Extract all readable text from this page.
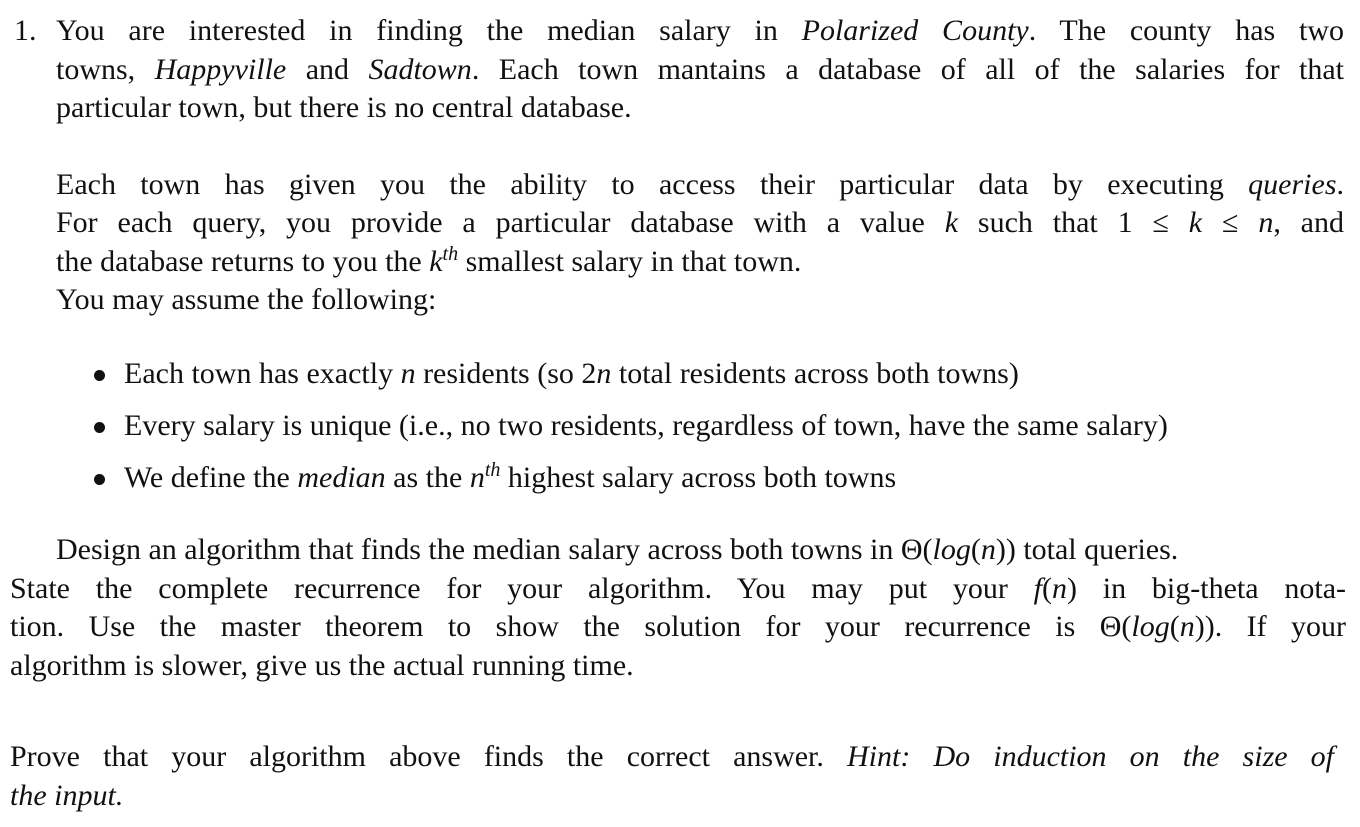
1. You are interested in finding the median salary in Polarized County. The county has two
towns, Happyville and Sadtown. Each town mantains a database of all of the salaries for that
particular town, but there is no central database.
Each town has given you the ability to access their particular data by executing queries.
For each query, you provide a particular database with a value k such that 1 ≤ k ≤ n, and
the database returns to you the $k^{th}$ smallest salary in that town.
You may assume the following:
Each town has exactly n residents (so 2n total residents across both towns)
Every salary is unique (i.e., no two residents, regardless of town, have the same salary)
We define the median as the $n^{th}$ highest salary across both towns
Design an algorithm that finds the median salary across both towns in Θ(log(n)) total queries.
State the complete recurrence for your algorithm. You may put your f(n) in big-theta nota-
tion. Use the master theorem to show the solution for your recurrence is Θ(log(n)). If your
algorithm is slower, give us the actual running time.
Prove that your algorithm above finds the correct answer. Hint: Do induction on the size of
the input.
